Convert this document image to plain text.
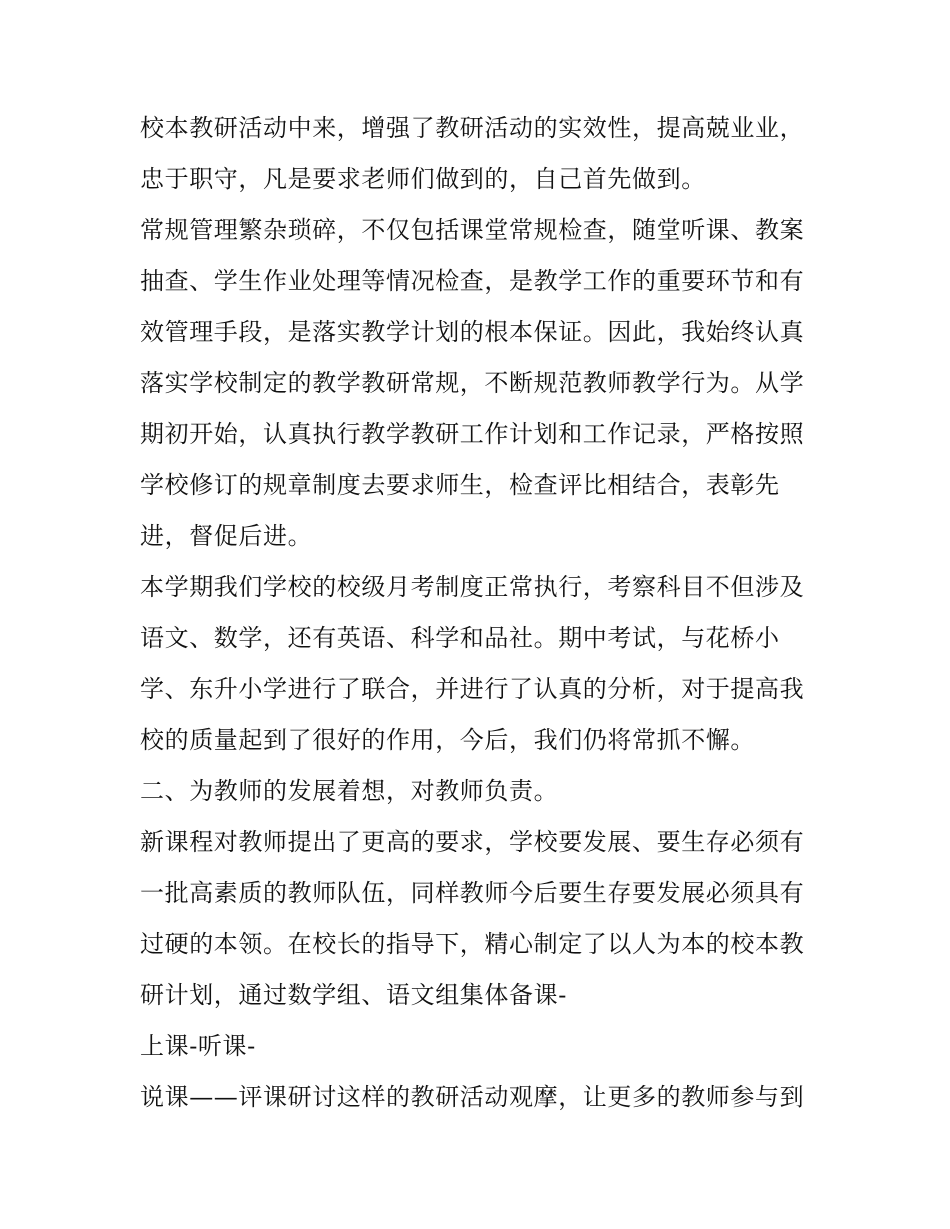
校本教研活动中来，增强了教研活动的实效性，提高兢业业，
忠于职守，凡是要求老师们做到的，自己首先做到。
常规管理繁杂琐碎，不仅包括课堂常规检查，随堂听课、教案
抽查、学生作业处理等情况检查，是教学工作的重要环节和有
效管理手段，是落实教学计划的根本保证。因此，我始终认真
落实学校制定的教学教研常规，不断规范教师教学行为。从学
期初开始，认真执行教学教研工作计划和工作记录，严格按照
学校修订的规章制度去要求师生，检查评比相结合，表彰先
进，督促后进。
本学期我们学校的校级月考制度正常执行，考察科目不但涉及
语文、数学，还有英语、科学和品社。期中考试，与花桥小
学、东升小学进行了联合，并进行了认真的分析，对于提高我
校的质量起到了很好的作用，今后，我们仍将常抓不懈。
二、为教师的发展着想，对教师负责。
新课程对教师提出了更高的要求，学校要发展、要生存必须有
一批高素质的教师队伍，同样教师今后要生存要发展必须具有
过硬的本领。在校长的指导下，精心制定了以人为本的校本教
研计划，通过数学组、语文组集体备课-
上课-听课-
说课——评课研讨这样的教研活动观摩，让更多的教师参与到
